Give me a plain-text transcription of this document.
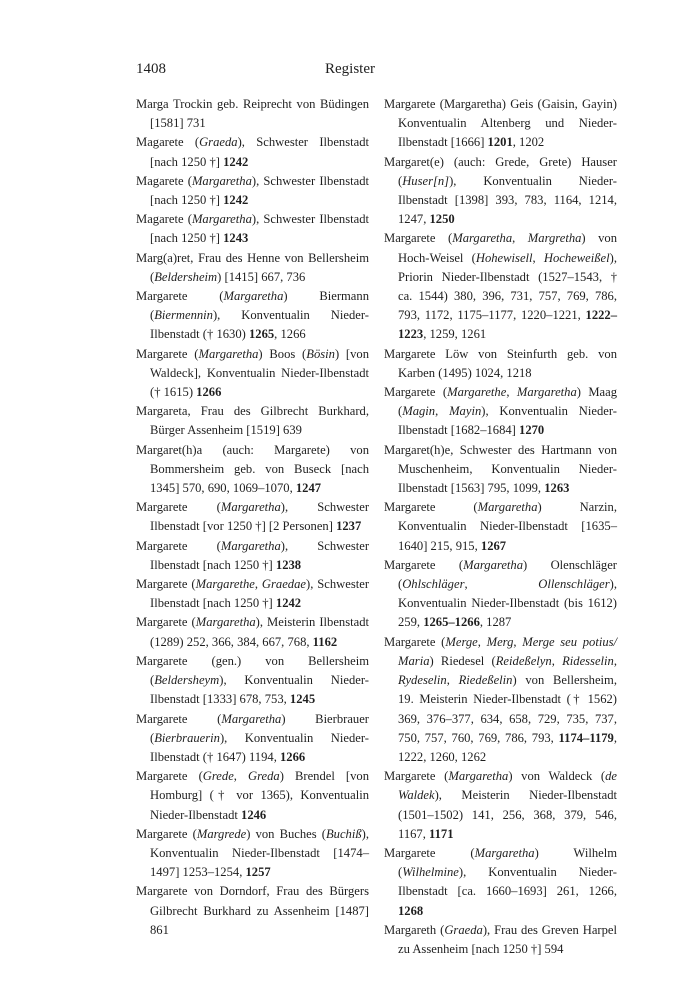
1408	Register
Marga Trockin geb. Reiprecht von Büdingen [1581] 731
Magarete (Graeda), Schwester Ilbenstadt [nach 1250 †] 1242
Magarete (Margaretha), Schwester Ilbenstadt [nach 1250 †] 1242
Magarete (Margaretha), Schwester Ilbenstadt [nach 1250 †] 1243
Marg(a)ret, Frau des Henne von Bellersheim (Beldersheim) [1415] 667, 736
Margarete (Margaretha) Biermann (Biermennin), Konventualin Nieder-Ilbenstadt († 1630) 1265, 1266
Margarete (Margaretha) Boos (Bösin) [von Waldeck], Konventualin Nieder-Ilbenstadt († 1615) 1266
Margareta, Frau des Gilbrecht Burkhard, Bürger Assenheim [1519] 639
Margaret(h)a (auch: Margarete) von Bommersheim geb. von Buseck [nach 1345] 570, 690, 1069–1070, 1247
Margarete (Margaretha), Schwester Ilbenstadt [vor 1250 †] [2 Personen] 1237
Margarete (Margaretha), Schwester Ilbenstadt [nach 1250 †] 1238
Margarete (Margarethe, Graedae), Schwester Ilbenstadt [nach 1250 †] 1242
Margarete (Margaretha), Meisterin Ilbenstadt (1289) 252, 366, 384, 667, 768, 1162
Margarete (gen.) von Bellersheim (Beldersheym), Konventualin Nieder-Ilbenstadt [1333] 678, 753, 1245
Margarete (Margaretha) Bierbrauer (Bierbrauerin), Konventualin Nieder-Ilbenstadt († 1647) 1194, 1266
Margarete (Grede, Greda) Brendel [von Homburg] († vor 1365), Konventualin Nieder-Ilbenstadt 1246
Margarete (Margrede) von Buches (Buchiß), Konventualin Nieder-Ilbenstadt [1474–1497] 1253–1254, 1257
Margarete von Dorndorf, Frau des Bürgers Gilbrecht Burkhard zu Assenheim [1487] 861
Margarete (Margaretha) Geis (Gaisin, Gayin) Konventualin Altenberg und Nieder-Ilbenstadt [1666] 1201, 1202
Margaret(e) (auch: Grede, Grete) Hauser (Huser[n]), Konventualin Nieder-Ilbenstadt [1398] 393, 783, 1164, 1214, 1247, 1250
Margarete (Margaretha, Margretha) von Hoch-Weisel (Hohewisell, Hocheweißel), Priorin Nieder-Ilbenstadt (1527–1543, † ca. 1544) 380, 396, 731, 757, 769, 786, 793, 1172, 1175–1177, 1220–1221, 1222–1223, 1259, 1261
Margarete Löw von Steinfurth geb. von Karben (1495) 1024, 1218
Margarete (Margarethe, Margaretha) Maag (Magin, Mayin), Konventualin Nieder-Ilbenstadt [1682–1684] 1270
Margaret(h)e, Schwester des Hartmann von Muschenheim, Konventualin Nieder-Ilbenstadt [1563] 795, 1099, 1263
Margarete (Margaretha) Narzin, Konventualin Nieder-Ilbenstadt [1635–1640] 215, 915, 1267
Margarete (Margaretha) Olenschläger (Ohlschläger, Ollenschläger), Konventualin Nieder-Ilbenstadt (bis 1612) 259, 1265–1266, 1287
Margarete (Merge, Merg, Merge seu potius/ Maria) Riedesel (Reideßelyn, Ridesselin, Rydeselin, Riedeßelin) von Bellersheim, 19. Meisterin Nieder-Ilbenstadt († 1562) 369, 376–377, 634, 658, 729, 735, 737, 750, 757, 760, 769, 786, 793, 1174–1179, 1222, 1260, 1262
Margarete (Margaretha) von Waldeck (de Waldek), Meisterin Nieder-Ilbenstadt (1501–1502) 141, 256, 368, 379, 546, 1167, 1171
Margarete (Margaretha) Wilhelm (Wilhelmine), Konventualin Nieder-Ilbenstadt [ca. 1660–1693] 261, 1266, 1268
Margareth (Graeda), Frau des Greven Harpel zu Assenheim [nach 1250 †] 594
